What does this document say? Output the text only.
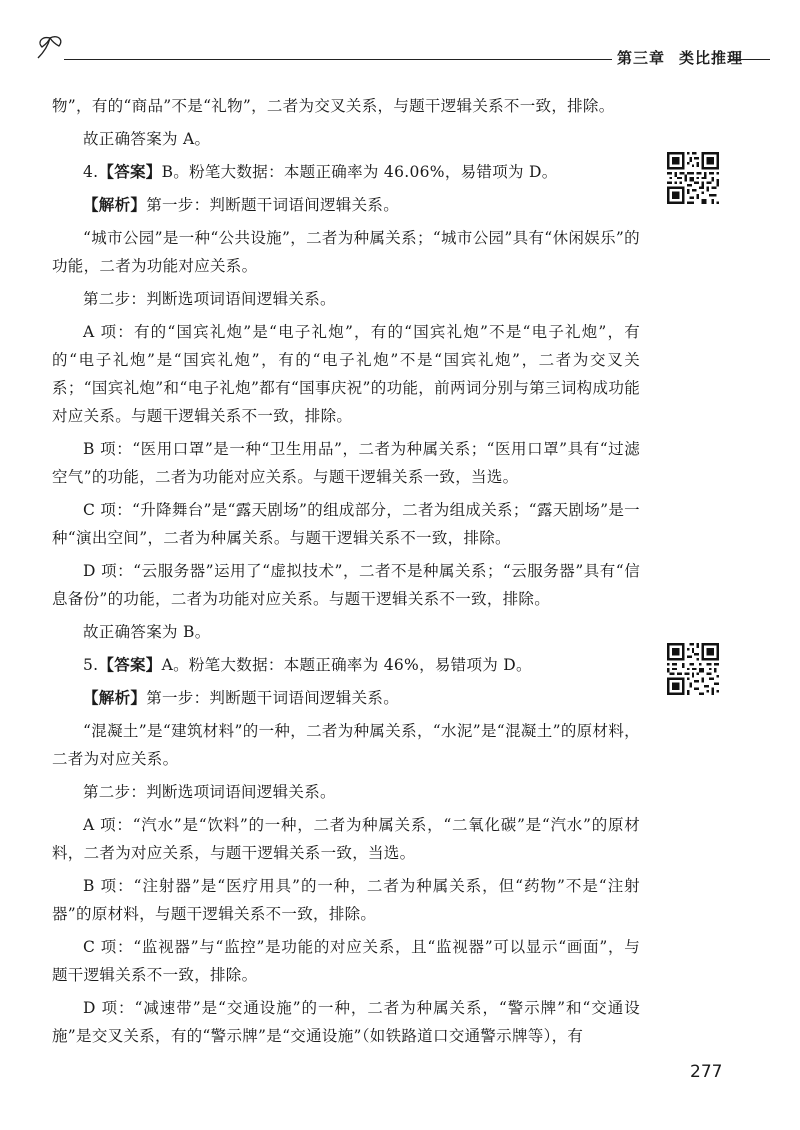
第三章 类比推理

物”，有的“商品”不是“礼物”，二者为交叉关系，与题干逻辑关系不一致，排除。

故正确答案为 A。

4.【答案】B。粉笔大数据：本题正确率为 46.06%，易错项为 D。

【解析】第一步：判断题干词语间逻辑关系。

“城市公园”是一种“公共设施”，二者为种属关系；“城市公园”具有“休闲娱乐”的功能，二者为功能对应关系。

第二步：判断选项词语间逻辑关系。

A 项：有的“国宾礼炮”是“电子礼炮”，有的“国宾礼炮”不是“电子礼炮”，有的“电子礼炮”是“国宾礼炮”，有的“电子礼炮”不是“国宾礼炮”，二者为交叉关系；“国宾礼炮”和“电子礼炮”都有“国事庆祝”的功能，前两词分别与第三词构成功能对应关系。与题干逻辑关系不一致，排除。

B 项：“医用口罩”是一种“卫生用品”，二者为种属关系；“医用口罩”具有“过滤空气”的功能，二者为功能对应关系。与题干逻辑关系一致，当选。

C 项：“升降舞台”是“露天剧场”的组成部分，二者为组成关系；“露天剧场”是一种“演出空间”，二者为种属关系。与题干逻辑关系不一致，排除。

D 项：“云服务器”运用了“虚拟技术”，二者不是种属关系；“云服务器”具有“信息备份”的功能，二者为功能对应关系。与题干逻辑关系不一致，排除。

故正确答案为 B。

5.【答案】A。粉笔大数据：本题正确率为 46%，易错项为 D。

【解析】第一步：判断题干词语间逻辑关系。

“混凝土”是“建筑材料”的一种，二者为种属关系，“水泥”是“混凝土”的原材料，二者为对应关系。

第二步：判断选项词语间逻辑关系。

A 项：“汽水”是“饮料”的一种，二者为种属关系，“二氧化碳”是“汽水”的原材料，二者为对应关系，与题干逻辑关系一致，当选。

B 项：“注射器”是“医疗用具”的一种，二者为种属关系，但“药物”不是“注射器”的原材料，与题干逻辑关系不一致，排除。

C 项：“监视器”与“监控”是功能的对应关系，且“监视器”可以显示“画面”，与题干逻辑关系不一致，排除。

D 项：“减速带”是“交通设施”的一种，二者为种属关系，“警示牌”和“交通设施”是交叉关系，有的“警示牌”是“交通设施”（如铁路道口交通警示牌等），有

277
